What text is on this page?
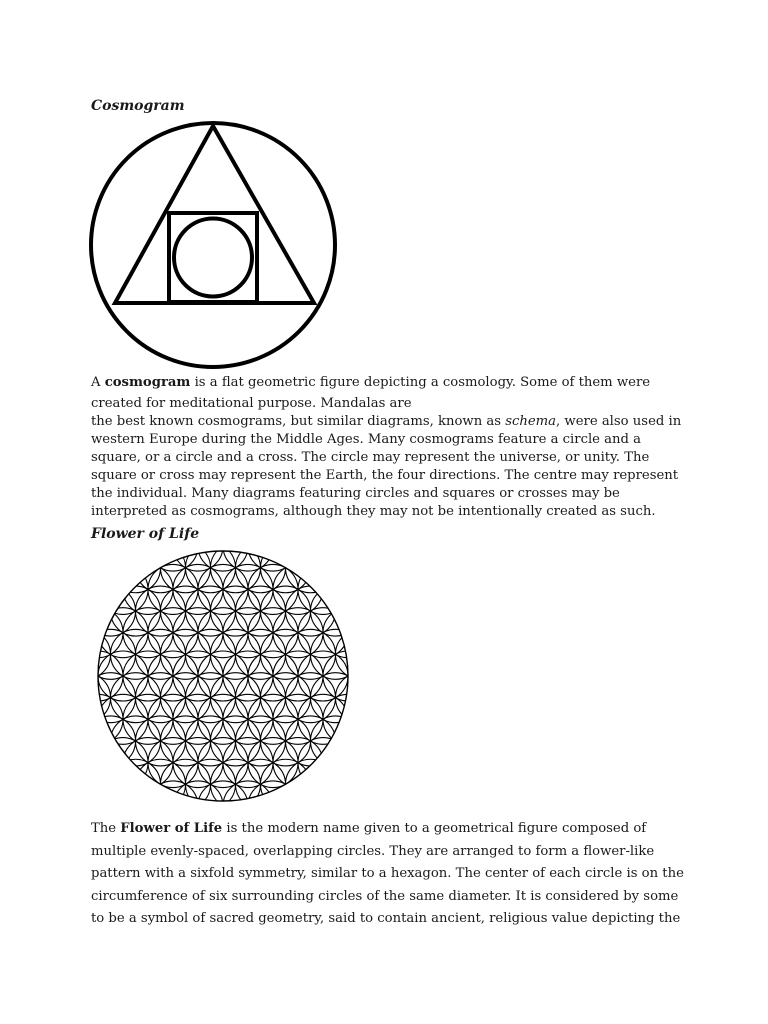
Cosmogram
A cosmogram is a flat geometric figure depicting a cosmology. Some of them were
created for meditational purpose. Mandalas are
the best known cosmograms, but similar diagrams, known as schema, were also used in
western Europe during the Middle Ages. Many cosmograms feature a circle and a
square, or a circle and a cross. The circle may represent the universe, or unity. The
square or cross may represent the Earth, the four directions. The centre may represent
the individual. Many diagrams featuring circles and squares or crosses may be
interpreted as cosmograms, although they may not be intentionally created as such.
Flower of Life
The Flower of Life is the modern name given to a geometrical figure composed of
multiple evenly-spaced, overlapping circles. They are arranged to form a flower-like
pattern with a sixfold symmetry, similar to a hexagon. The center of each circle is on the
circumference of six surrounding circles of the same diameter. It is considered by some
to be a symbol of sacred geometry, said to contain ancient, religious value depicting the
